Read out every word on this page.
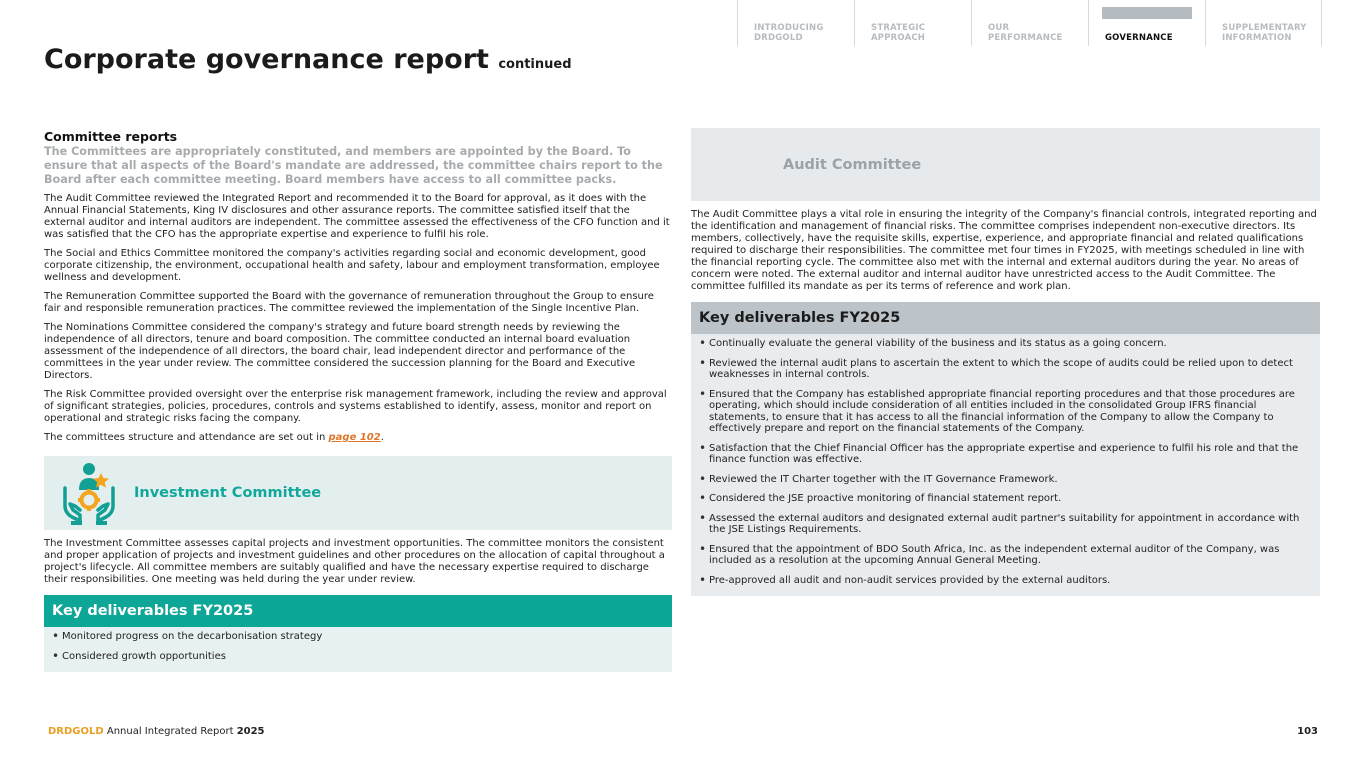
INTRODUCING
DRDGOLD
STRATEGIC
APPROACH
OUR
PERFORMANCE	GOVERNANCE
SUPPLEMENTARY
INFORMATION
Corporate governance report continued
Committee reports

The Committees are appropriately constituted, and members are appointed by the Board. To ensure that all aspects of the Board's mandate are addressed, the committee chairs report to the Board after each committee meeting. Board members have access to all committee packs.

The Audit Committee reviewed the Integrated Report and recommended it to the Board for approval, as it does with the Annual Financial Statements, King IV disclosures and other assurance reports. The committee satisfied itself that the external auditor and internal auditors are independent. The committee assessed the effectiveness of the CFO function and it was satisfied that the CFO has the appropriate expertise and experience to fulfil his role.

The Social and Ethics Committee monitored the company's activities regarding social and economic development, good corporate citizenship, the environment, occupational health and safety, labour and employment transformation, employee wellness and development.

The Remuneration Committee supported the Board with the governance of remuneration throughout the Group to ensure fair and responsible remuneration practices. The committee reviewed the implementation of the Single Incentive Plan.

The Nominations Committee considered the company's strategy and future board strength needs by reviewing the independence of all directors, tenure and board composition. The committee conducted an internal board evaluation assessment of the independence of all directors, the board chair, lead independent director and performance of the committees in the year under review. The committee considered the succession planning for the Board and Executive Directors.

The Risk Committee provided oversight over the enterprise risk management framework, including the review and approval of significant strategies, policies, procedures, controls and systems established to identify, assess, monitor and report on operational and strategic risks facing the company.

The committees structure and attendance are set out in page 102.

Investment Committee

The Investment Committee assesses capital projects and investment opportunities. The committee monitors the consistent and proper application of projects and investment guidelines and other procedures on the allocation of capital throughout a project's lifecycle. All committee members are suitably qualified and have the necessary expertise required to discharge their responsibilities. One meeting was held during the year under review.

Key deliverables FY2025
• Monitored progress on the decarbonisation strategy
• Considered growth opportunities
Audit Committee

The Audit Committee plays a vital role in ensuring the integrity of the Company's financial controls, integrated reporting and the identification and management of financial risks. The committee comprises independent non-executive directors. Its members, collectively, have the requisite skills, expertise, experience, and appropriate financial and related qualifications required to discharge their responsibilities. The committee met four times in FY2025, with meetings scheduled in line with the financial reporting cycle. The committee also met with the internal and external auditors during the year. No areas of concern were noted. The external auditor and internal auditor have unrestricted access to the Audit Committee. The committee fulfilled its mandate as per its terms of reference and work plan.

Key deliverables FY2025
• Continually evaluate the general viability of the business and its status as a going concern.
• Reviewed the internal audit plans to ascertain the extent to which the scope of audits could be relied upon to detect weaknesses in internal controls.
• Ensured that the Company has established appropriate financial reporting procedures and that those procedures are operating, which should include consideration of all entities included in the consolidated Group IFRS financial statements, to ensure that it has access to all the financial information of the Company to allow the Company to effectively prepare and report on the financial statements of the Company.
• Satisfaction that the Chief Financial Officer has the appropriate expertise and experience to fulfil his role and that the finance function was effective.
• Reviewed the IT Charter together with the IT Governance Framework.
• Considered the JSE proactive monitoring of financial statement report.
• Assessed the external auditors and designated external audit partner's suitability for appointment in accordance with the JSE Listings Requirements.
• Ensured that the appointment of BDO South Africa, Inc. as the independent external auditor of the Company, was included as a resolution at the upcoming Annual General Meeting.
• Pre-approved all audit and non-audit services provided by the external auditors.
DRDGOLD Annual Integrated Report 2025	103
